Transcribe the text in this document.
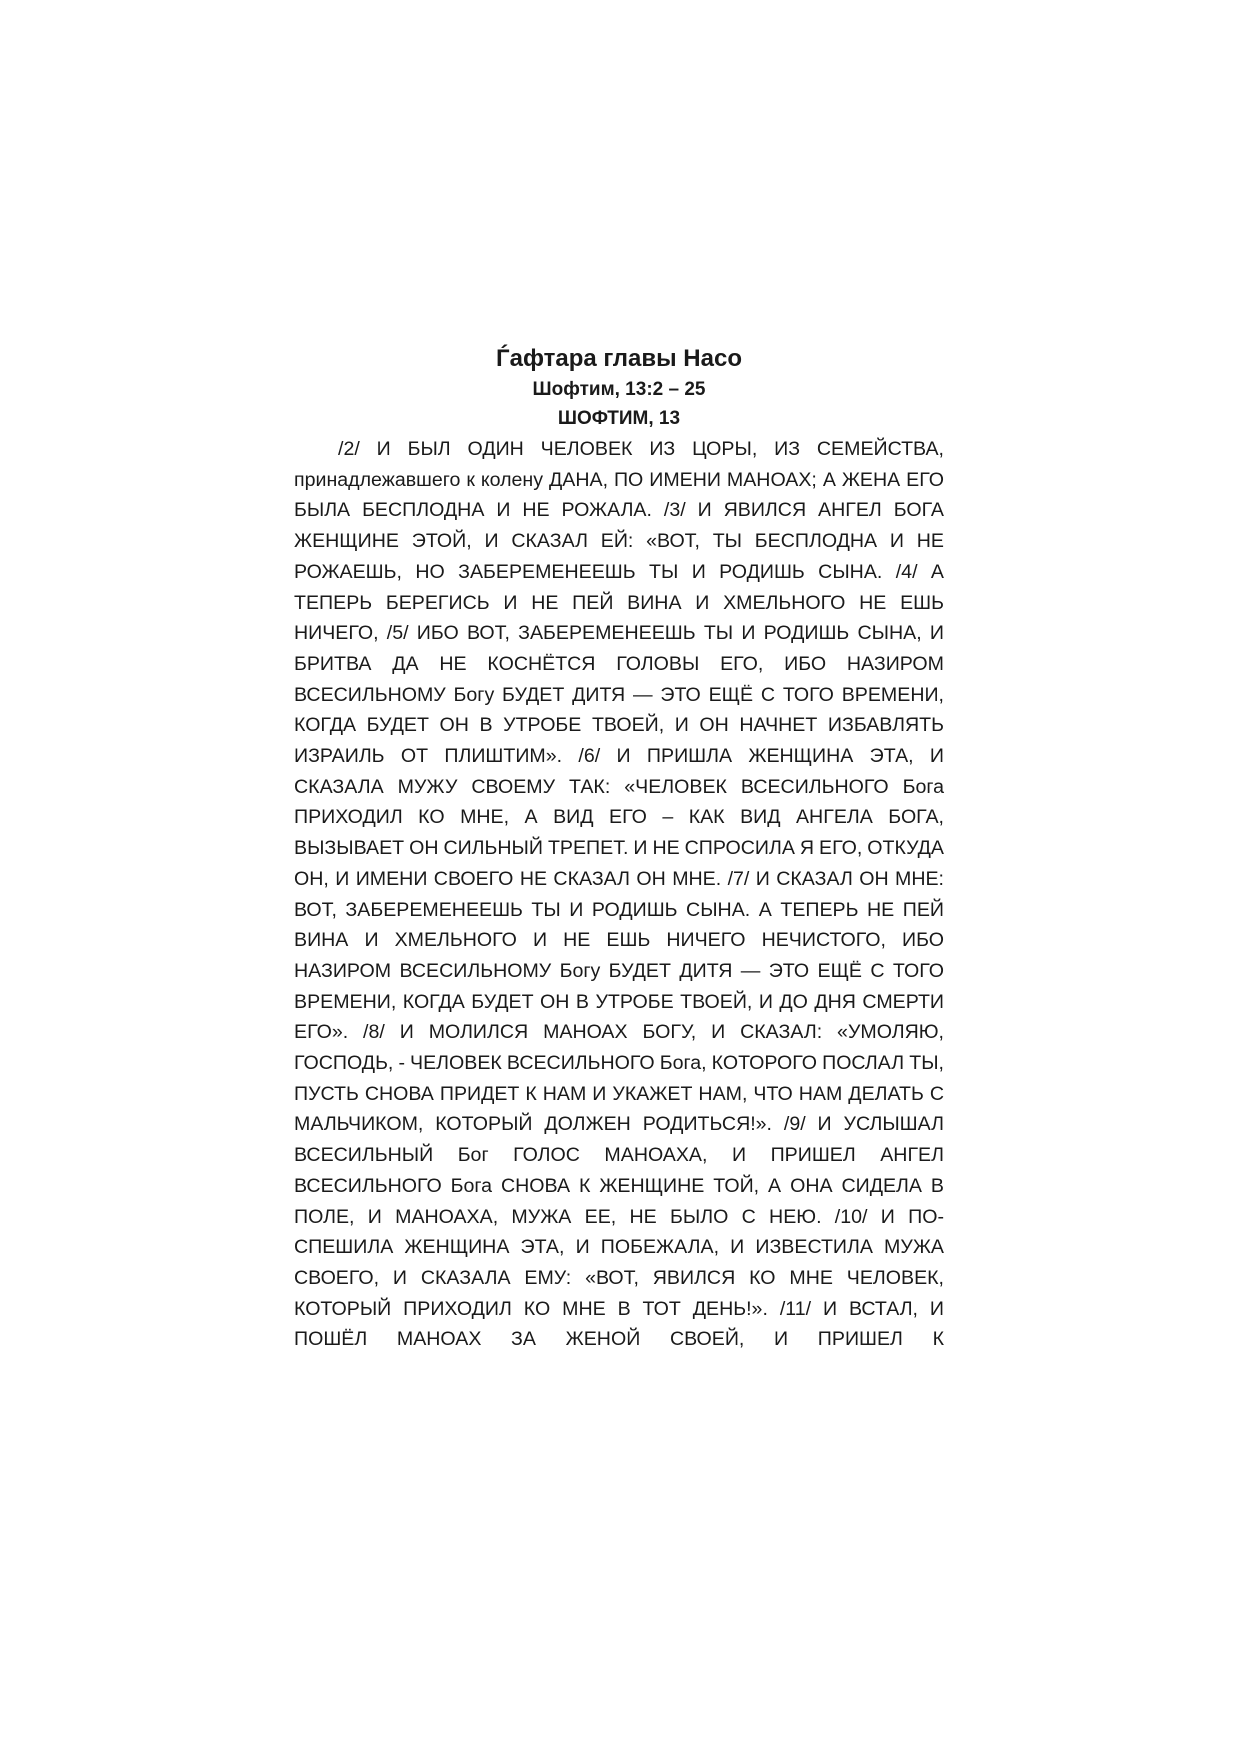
Ѓафтара главы Насо
Шофтим, 13:2 – 25
ШОФТИМ, 13

/2/ И БЫЛ ОДИН ЧЕЛОВЕК ИЗ ЦОРЫ, ИЗ СЕМЕЙСТВА, принадлежавшего к колену ДАНА, ПО ИМЕНИ МАНОАХ; А ЖЕНА ЕГО БЫЛА БЕСПЛОДНА И НЕ РОЖАЛА. /3/ И ЯВИЛСЯ АНГЕЛ БОГА ЖЕНЩИНЕ ЭТОЙ, И СКАЗАЛ ЕЙ: «ВОТ, ТЫ БЕСПЛОДНА И НЕ РОЖАЕШЬ, НО ЗАБЕРЕМЕНЕЕШЬ ТЫ И РОДИШЬ СЫНА. /4/ А ТЕПЕРЬ БЕРЕГИСЬ И НЕ ПЕЙ ВИНА И ХМЕЛЬНОГО НЕ ЕШЬ НИЧЕГО, /5/ ИБО ВОТ, ЗАБЕРЕМЕНЕЕШЬ ТЫ И РОДИШЬ СЫНА, И БРИТВА ДА НЕ КОСНЁТСЯ ГОЛОВЫ ЕГО, ИБО НАЗИРОМ ВСЕСИЛЬНОМУ Богу БУДЕТ ДИТЯ — ЭТО ЕЩЁ С ТОГО ВРЕМЕНИ, КОГДА БУДЕТ ОН В УТРОБЕ ТВОЕЙ, И ОН НАЧНЕТ ИЗБАВЛЯТЬ ИЗРАИЛЬ ОТ ПЛИШТИМ». /6/ И ПРИШЛА ЖЕНЩИНА ЭТА, И СКАЗАЛА МУЖУ СВОЕМУ ТАК: «ЧЕЛОВЕК ВСЕСИЛЬНОГО Бога ПРИХОДИЛ КО МНЕ, А ВИД ЕГО – КАК ВИД АНГЕЛА БОГА, ВЫЗЫВАЕТ ОН СИЛЬНЫЙ ТРЕПЕТ. И НЕ СПРОСИЛА Я ЕГО, ОТКУДА ОН, И ИМЕНИ СВОЕГО НЕ СКАЗАЛ ОН МНЕ. /7/ И СКАЗАЛ ОН МНЕ: ВОТ, ЗАБЕРЕМЕНЕЕШЬ ТЫ И РОДИШЬ СЫНА. А ТЕПЕРЬ НЕ ПЕЙ ВИНА И ХМЕЛЬНОГО И НЕ ЕШЬ НИЧЕГО НЕЧИСТОГО, ИБО НАЗИРОМ ВСЕСИЛЬНОМУ Богу БУДЕТ ДИТЯ — ЭТО ЕЩЁ С ТОГО ВРЕМЕНИ, КОГДА БУДЕТ ОН В УТРОБЕ ТВОЕЙ, И ДО ДНЯ СМЕРТИ ЕГО». /8/ И МОЛИЛСЯ МАНОАХ БОГУ, И СКАЗАЛ: «УМОЛЯЮ, ГОСПОДЬ, - ЧЕЛОВЕК ВСЕСИЛЬНОГО Бога, КОТОРОГО ПОСЛАЛ ТЫ, ПУСТЬ СНОВА ПРИДЕТ К НАМ И УКАЖЕТ НАМ, ЧТО НАМ ДЕЛАТЬ С МАЛЬЧИКОМ, КОТОРЫЙ ДОЛЖЕН РОДИТЬСЯ!». /9/ И УСЛЫШАЛ ВСЕСИЛЬНЫЙ Бог ГОЛОС МАНОАХА, И ПРИШЕЛ АНГЕЛ ВСЕСИЛЬНОГО Бога СНОВА К ЖЕНЩИНЕ ТОЙ, А ОНА СИДЕЛА В ПОЛЕ, И МАНОАХА, МУЖА ЕЕ, НЕ БЫЛО С НЕЮ. /10/ И ПОСПЕШИЛА ЖЕНЩИНА ЭТА, И ПОБЕЖАЛА, И ИЗВЕСТИЛА МУЖА СВОЕГО, И СКАЗАЛА ЕМУ: «ВОТ, ЯВИЛСЯ КО МНЕ ЧЕЛОВЕК, КОТОРЫЙ ПРИХОДИЛ КО МНЕ В ТОТ ДЕНЬ!». /11/ И ВСТАЛ, И ПОШЁЛ МАНОАХ ЗА ЖЕНОЙ СВОЕЙ, И ПРИШЕЛ К
